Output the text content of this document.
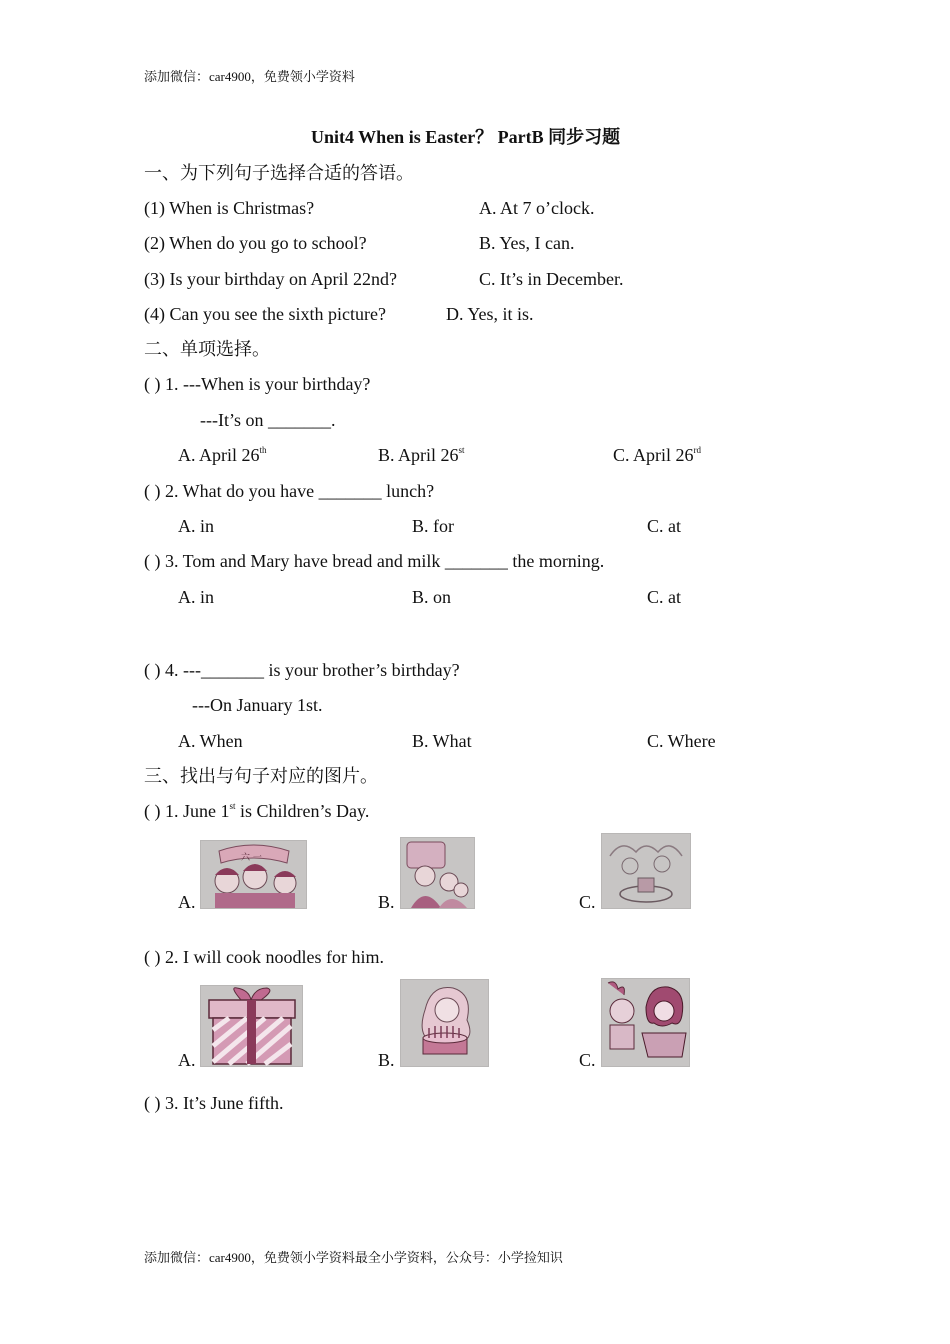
添加微信：car4900，免费领小学资料
Unit4 When is Easter？ PartB 同步习题
一、为下列句子选择合适的答语。
(1) When is Christmas?	A. At 7 o’clock.
(2) When do you go to school?	B. Yes, I can.
(3) Is your birthday on April 22nd?	C. It’s in December.
(4) Can you see the sixth picture?	D. Yes, it is.
二、单项选择。
( ) 1. ---When is your birthday?
---It’s on _______.
A. April 26th	B. April 26st	C. April 26rd
( ) 2. What do you have _______ lunch?
A. in	B. for	C. at
( ) 3. Tom and Mary have bread and milk _______ the morning.
A. in	B. on	C. at
( ) 4. ---_______ is your brother’s birthday?
---On January 1st.
A. When	B. What	C. Where
三、找出与句子对应的图片。
( ) 1. June 1st is Children’s Day.
A.
六 一
B.	C.
( ) 2. I will cook noodles for him.
A.	B.	C.
( ) 3. It’s June fifth.
添加微信：car4900，免费领小学资料最全小学资料，公众号：小学捡知识
